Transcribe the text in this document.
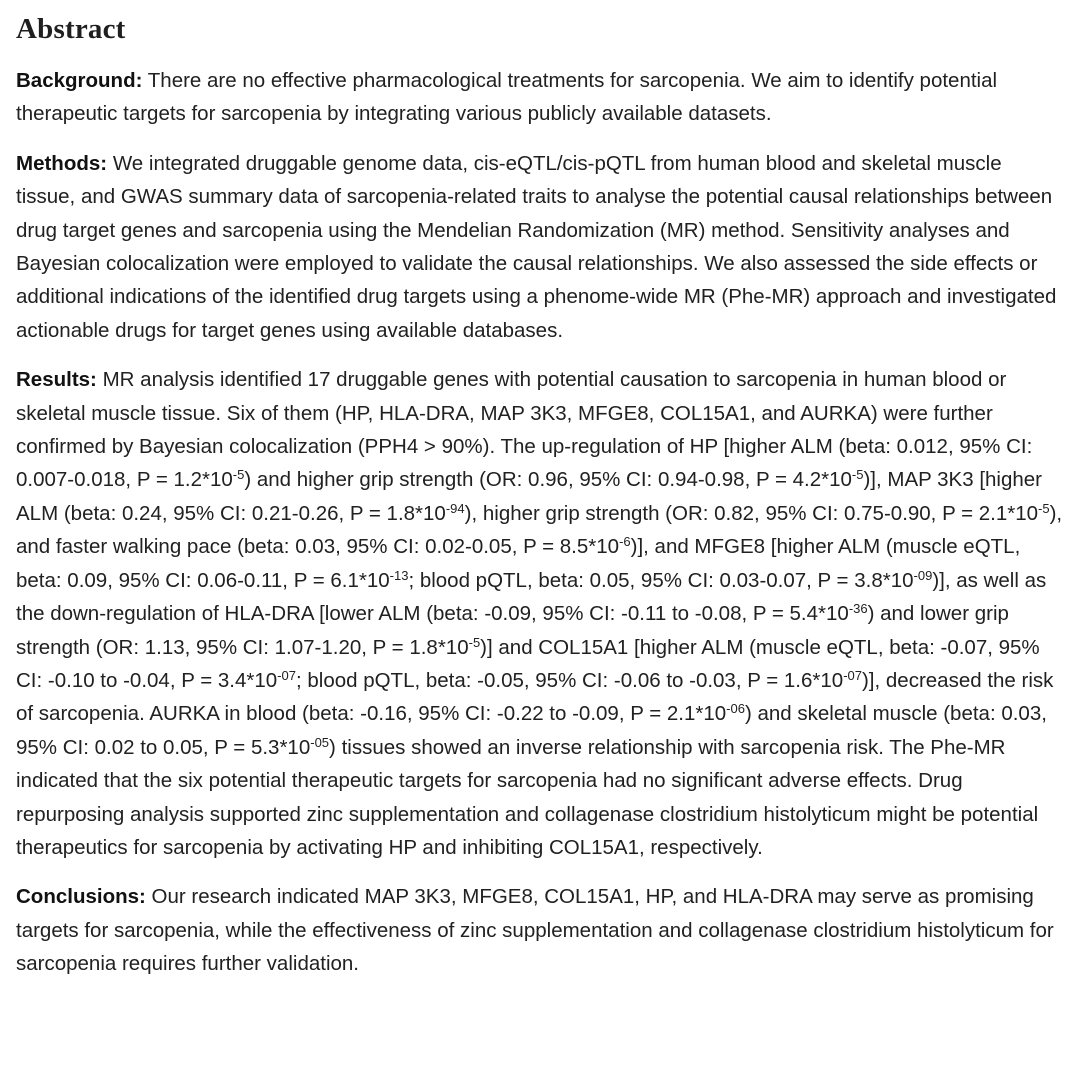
Abstract

Background: There are no effective pharmacological treatments for sarcopenia. We aim to identify potential therapeutic targets for sarcopenia by integrating various publicly available datasets.

Methods: We integrated druggable genome data, cis-eQTL/cis-pQTL from human blood and skeletal muscle tissue, and GWAS summary data of sarcopenia-related traits to analyse the potential causal relationships between drug target genes and sarcopenia using the Mendelian Randomization (MR) method. Sensitivity analyses and Bayesian colocalization were employed to validate the causal relationships. We also assessed the side effects or additional indications of the identified drug targets using a phenome-wide MR (Phe-MR) approach and investigated actionable drugs for target genes using available databases.

Results: MR analysis identified 17 druggable genes with potential causation to sarcopenia in human blood or skeletal muscle tissue. Six of them (HP, HLA-DRA, MAP 3K3, MFGE8, COL15A1, and AURKA) were further confirmed by Bayesian colocalization (PPH4 > 90%). The up-regulation of HP [higher ALM (beta: 0.012, 95% CI: 0.007-0.018, $P = 1.2*10^{-5}$) and higher grip strength (OR: 0.96, 95% CI: 0.94-0.98, $P = 4.2*10^{-5}$)], MAP 3K3 [higher ALM (beta: 0.24, 95% CI: 0.21-0.26, $P = 1.8*10^{-94}$), higher grip strength (OR: 0.82, 95% CI: 0.75-0.90, $P = 2.1*10^{-5}$), and faster walking pace (beta: 0.03, 95% CI: 0.02-0.05, $P = 8.5*10^{-6}$)], and MFGE8 [higher ALM (muscle eQTL, beta: 0.09, 95% CI: 0.06-0.11, $P = 6.1*10^{-13}$; blood pQTL, beta: 0.05, 95% CI: 0.03-0.07, $P = 3.8*10^{-09}$)], as well as the down-regulation of HLA-DRA [lower ALM (beta: -0.09, 95% CI: -0.11 to -0.08, $P = 5.4*10^{-36}$) and lower grip strength (OR: 1.13, 95% CI: 1.07-1.20, $P = 1.8*10^{-5}$)] and COL15A1 [higher ALM (muscle eQTL, beta: -0.07, 95% CI: -0.10 to -0.04, $P = 3.4*10^{-07}$; blood pQTL, beta: -0.05, 95% CI: -0.06 to -0.03, $P = 1.6*10^{-07}$)], decreased the risk of sarcopenia. AURKA in blood (beta: -0.16, 95% CI: -0.22 to -0.09, $P = 2.1*10^{-06}$) and skeletal muscle (beta: 0.03, 95% CI: 0.02 to 0.05, $P = 5.3*10^{-05}$) tissues showed an inverse relationship with sarcopenia risk. The Phe-MR indicated that the six potential therapeutic targets for sarcopenia had no significant adverse effects. Drug repurposing analysis supported zinc supplementation and collagenase clostridium histolyticum might be potential therapeutics for sarcopenia by activating HP and inhibiting COL15A1, respectively.

Conclusions: Our research indicated MAP 3K3, MFGE8, COL15A1, HP, and HLA-DRA may serve as promising targets for sarcopenia, while the effectiveness of zinc supplementation and collagenase clostridium histolyticum for sarcopenia requires further validation.
